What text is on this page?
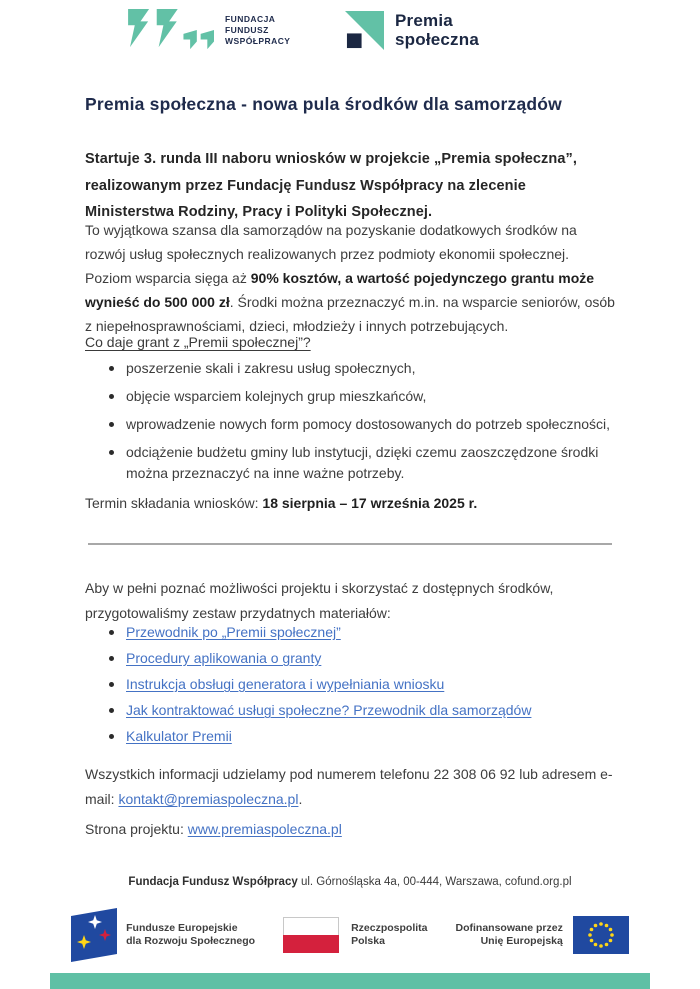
FUNDACJA
FUNDUSZ
WSPÓŁPRACY
Premia
społeczna
Premia społeczna - nowa pula środków dla samorządów

Startuje 3. runda III naboru wniosków w projekcie „Premia społeczna”, realizowanym przez Fundację Fundusz Współpracy na zlecenie Ministerstwa Rodziny, Pracy i Polityki Społecznej.

To wyjątkowa szansa dla samorządów na pozyskanie dodatkowych środków na rozwój usług społecznych realizowanych przez podmioty ekonomii społecznej. Poziom wsparcia sięga aż 90% kosztów, a wartość pojedynczego grantu może wynieść do 500 000 zł. Środki można przeznaczyć m.in. na wsparcie seniorów, osób z niepełnosprawnościami, dzieci, młodzieży i innych potrzebujących.

Co daje grant z „Premii społecznej”?

poszerzenie skali i zakresu usług społecznych,
objęcie wsparciem kolejnych grup mieszkańców,
wprowadzenie nowych form pomocy dostosowanych do potrzeb społeczności,
odciążenie budżetu gminy lub instytucji, dzięki czemu zaoszczędzone środki można przeznaczyć na inne ważne potrzeby.

Termin składania wniosków: 18 sierpnia – 17 września 2025 r.

Aby w pełni poznać możliwości projektu i skorzystać z dostępnych środków, przygotowaliśmy zestaw przydatnych materiałów:

Przewodnik po „Premii społecznej”
Procedury aplikowania o granty
Instrukcja obsługi generatora i wypełniania wniosku
Jak kontraktować usługi społeczne? Przewodnik dla samorządów
Kalkulator Premii

Wszystkich informacji udzielamy pod numerem telefonu 22 308 06 92 lub adresem e-mail: kontakt@premiaspoleczna.pl.

Strona projektu: www.premiaspoleczna.pl

Fundacja Fundusz Współpracy ul. Górnośląska 4a, 00-444, Warszawa, cofund.org.pl
Fundusze Europejskie
dla Rozwoju Społecznego
Rzeczpospolita
Polska
Dofinansowane przez
Unię Europejską
